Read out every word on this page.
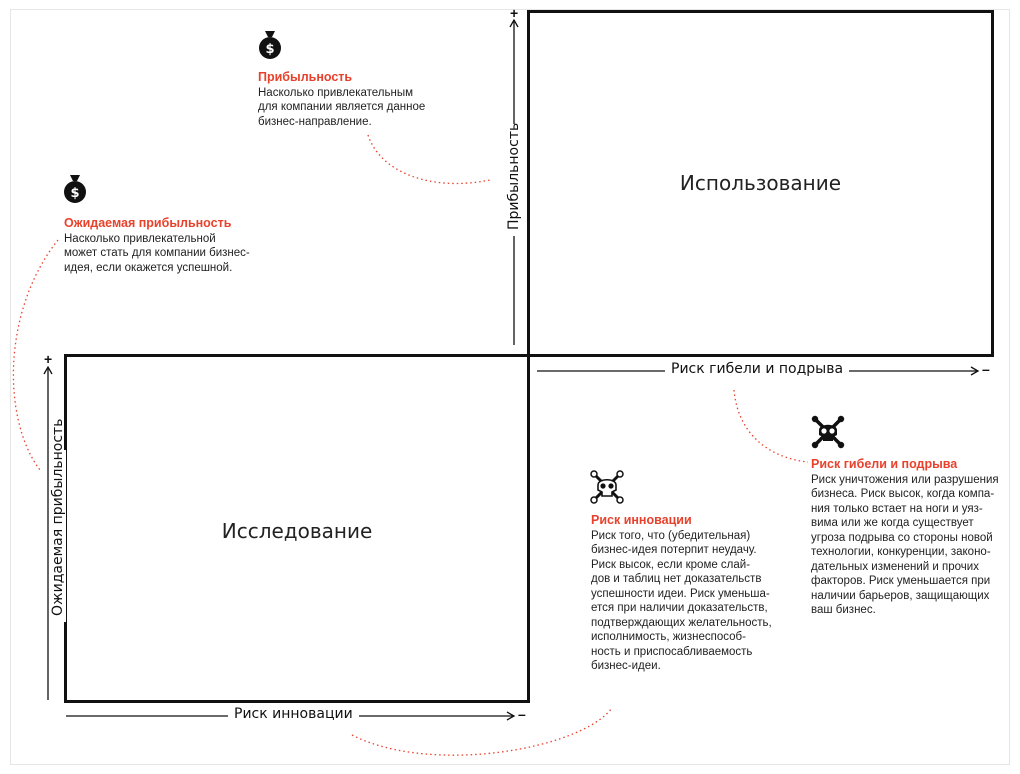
Использование
Исследование
Прибыльность
Риск гибели и подрыва
Ожидаемая прибыльность
Риск инновации
+
–
+
–
$
$
Прибыльность
Насколько привлекательным
для компании является данное
бизнес-направление.
Ожидаемая прибыльность
Насколько привлекательной
может стать для компании бизнес-
идея, если окажется успешной.
Риск инновации
Риск того, что (убедительная)
бизнес-идея потерпит неудачу.
Риск высок, если кроме слай-
дов и таблиц нет доказательств
успешности идеи. Риск уменьша-
ется при наличии доказательств,
подтверждающих желательность,
исполнимость, жизнеспособ-
ность и приспосабливаемость
бизнес-идеи.
Риск гибели и подрыва
Риск уничтожения или разрушения
бизнеса. Риск высок, когда компа-
ния только встает на ноги и уяз-
вима или же когда существует
угроза подрыва со стороны новой
технологии, конкуренции, законо-
дательных изменений и прочих
факторов. Риск уменьшается при
наличии барьеров, защищающих
ваш бизнес.
